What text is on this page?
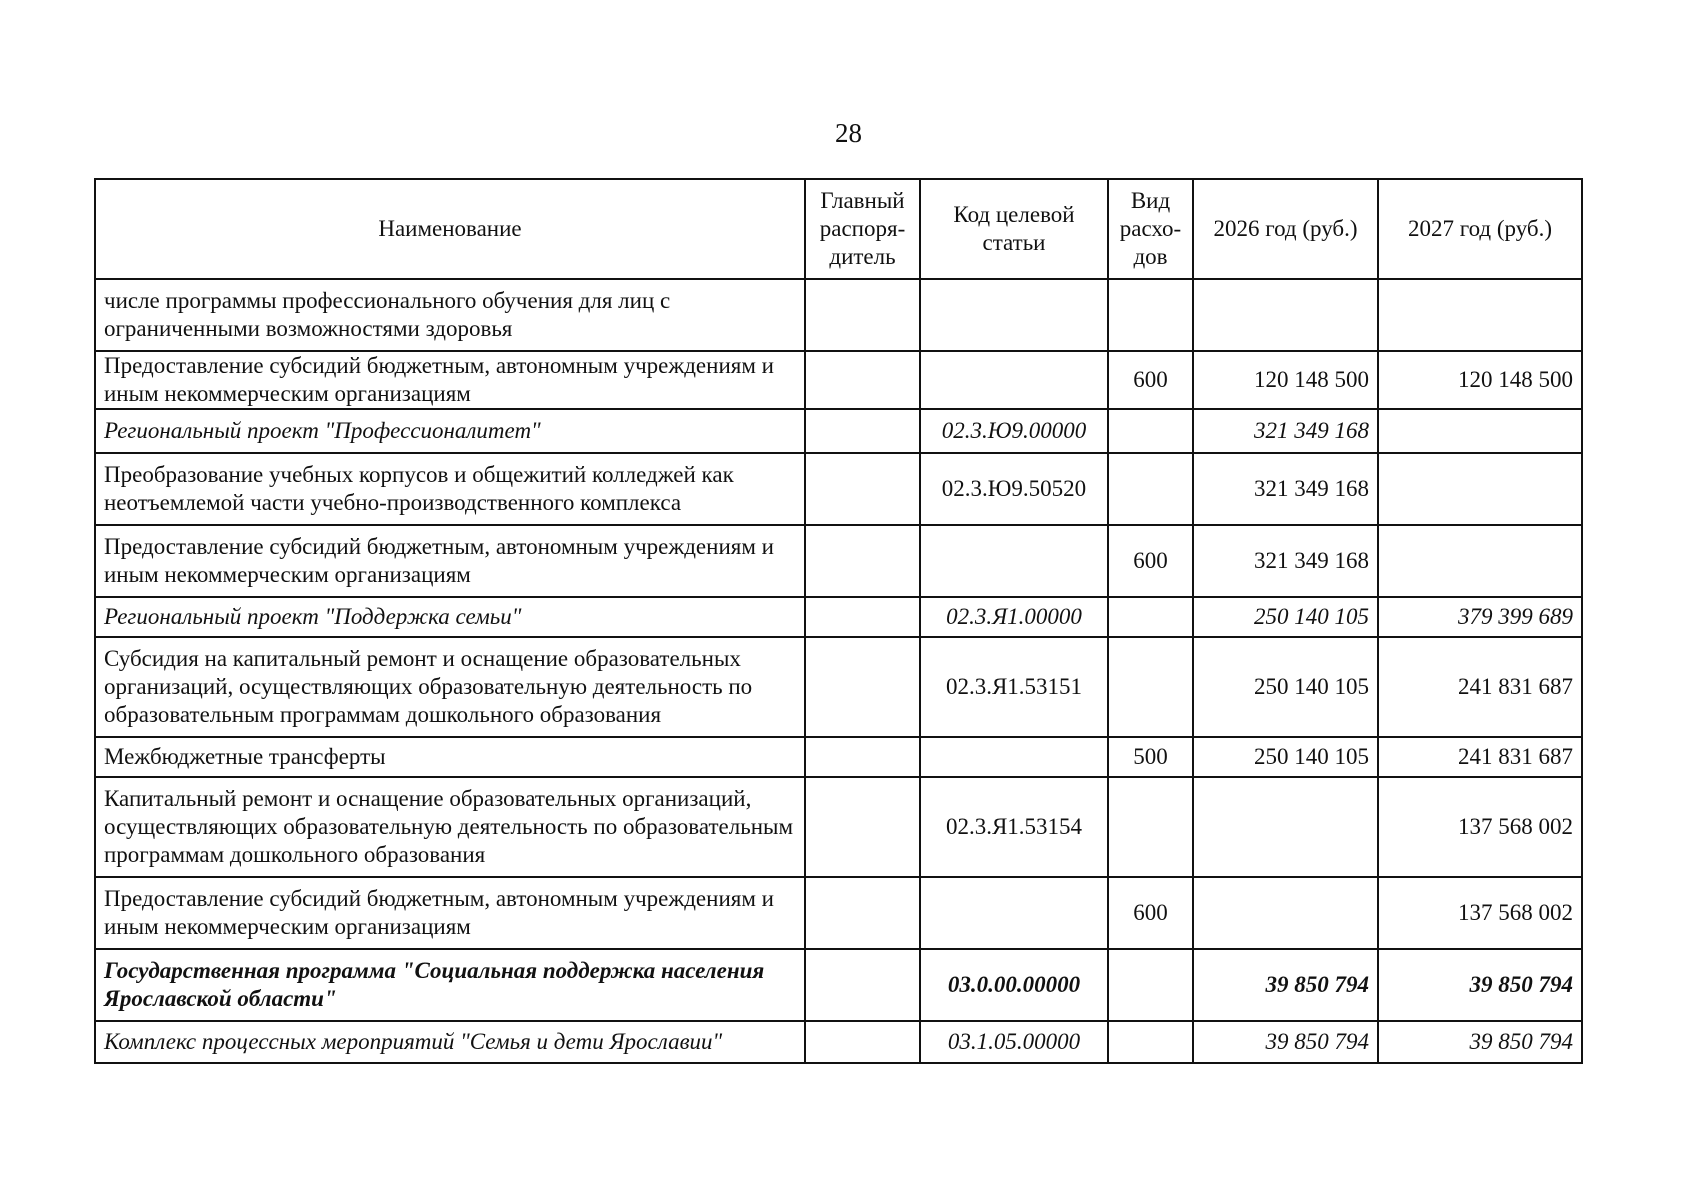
28
Наименование	Главный распоря-дитель	Код целевой статьи	Вид расхо-дов	2026 год (руб.)	2027 год (руб.)
числе программы профессионального обучения для лиц с ограниченными возможностями здоровья					
Предоставление субсидий бюджетным, автономным учреждениям и иным некоммерческим организациям			600	120 148 500	120 148 500
Региональный проект "Профессионалитет"		02.3.Ю9.00000		321 349 168	
Преобразование учебных корпусов и общежитий колледжей как неотъемлемой части учебно-производственного комплекса		02.3.Ю9.50520		321 349 168	
Предоставление субсидий бюджетным, автономным учреждениям и иным некоммерческим организациям			600	321 349 168	
Региональный проект "Поддержка семьи"		02.3.Я1.00000		250 140 105	379 399 689
Субсидия на капитальный ремонт и оснащение образовательных организаций, осуществляющих образовательную деятельность по образовательным программам дошкольного образования		02.3.Я1.53151		250 140 105	241 831 687
Межбюджетные трансферты			500	250 140 105	241 831 687
Капитальный ремонт и оснащение образовательных организаций, осуществляющих образовательную деятельность по образовательным программам дошкольного образования		02.3.Я1.53154			137 568 002
Предоставление субсидий бюджетным, автономным учреждениям и иным некоммерческим организациям			600		137 568 002
Государственная программа "Социальная поддержка населения Ярославской области"		03.0.00.00000		39 850 794	39 850 794
Комплекс процессных мероприятий "Семья и дети Ярославии"		03.1.05.00000		39 850 794	39 850 794
